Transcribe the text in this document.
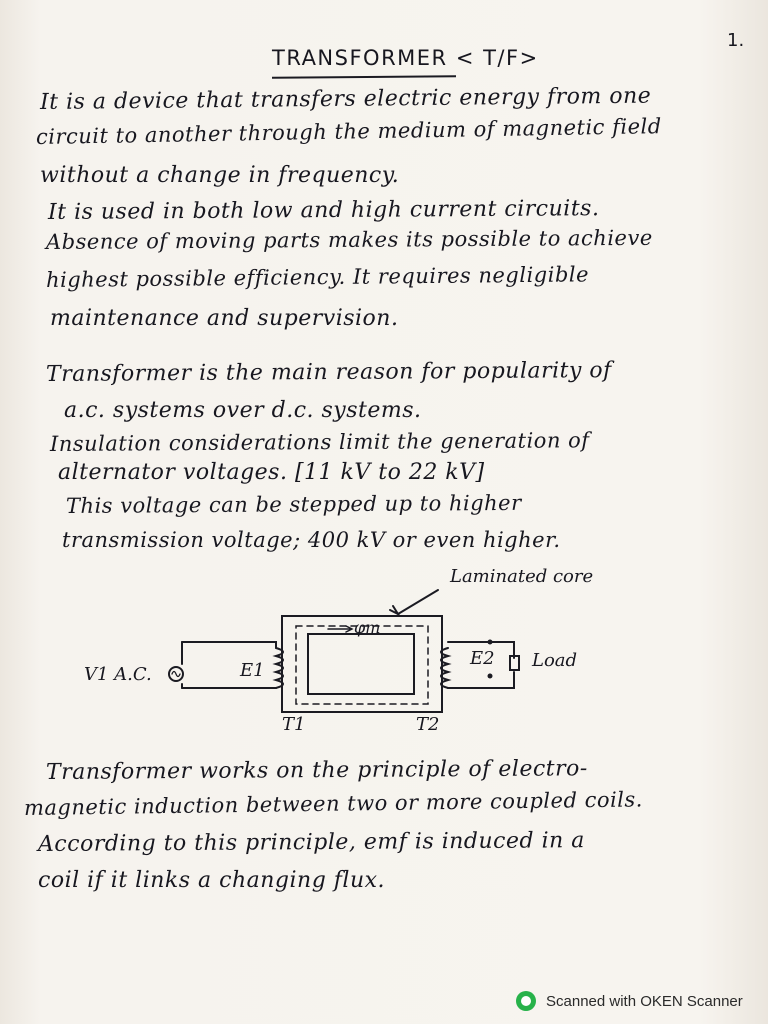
TRANSFORMER < T/F>
1.
It is a device that transfers electric energy from one
circuit to another through the medium of magnetic field
without a change in frequency.
It is used in both low and high current circuits.
Absence of moving parts makes its possible to achieve
highest possible efficiency. It requires negligible
maintenance and supervision.
Transformer is the main reason for popularity of
a.c. systems over d.c. systems.
Insulation considerations limit the generation of
alternator voltages. [11 kV to 22 kV]
This voltage can be stepped up to higher
transmission voltage; 400 kV or even higher.
Laminated core
φm
V1 A.C.	E1
E2 Load
T1	T2
Transformer works on the principle of electro-
magnetic induction between two or more coupled coils.
According to this principle, emf is induced in a
coil if it links a changing flux.
Scanned with OKEN Scanner
